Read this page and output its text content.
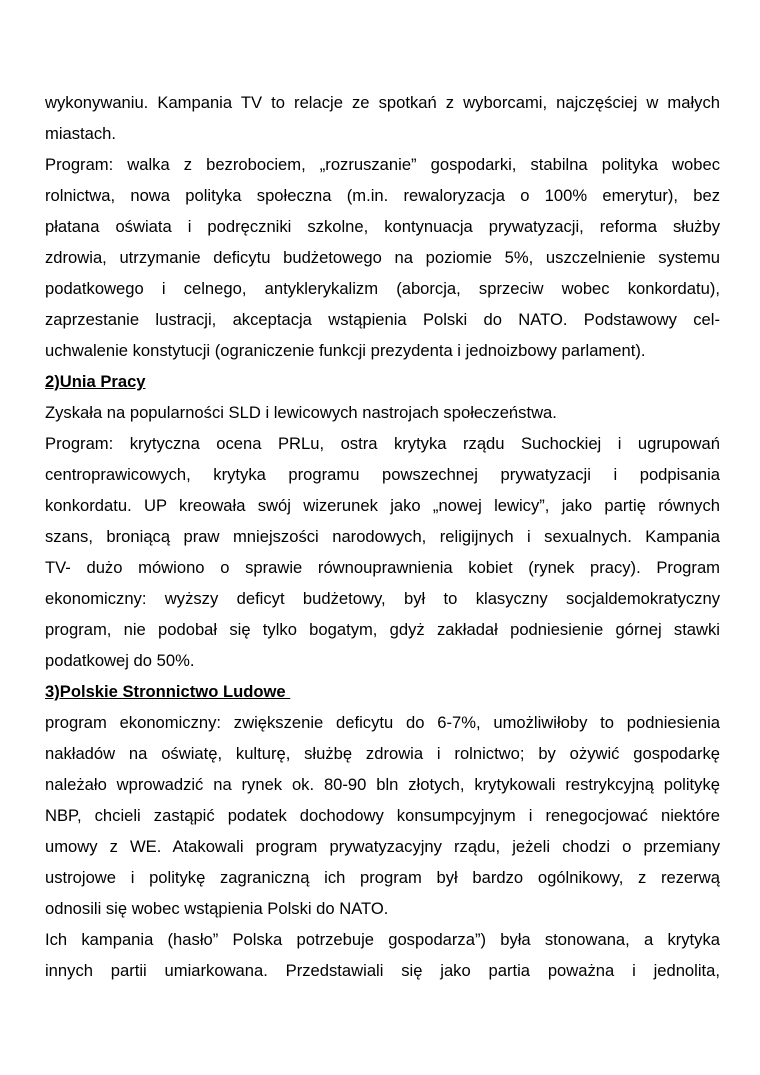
wykonywaniu. Kampania TV to relacje ze spotkań z wyborcami, najczęściej w małych
miastach.
Program: walka z bezrobociem, „rozruszanie” gospodarki, stabilna polityka wobec
rolnictwa, nowa polityka społeczna (m.in. rewaloryzacja o 100% emerytur), bez
płatana oświata i podręczniki szkolne, kontynuacja prywatyzacji, reforma służby
zdrowia, utrzymanie deficytu budżetowego na poziomie 5%, uszczelnienie systemu
podatkowego i celnego, antyklerykalizm (aborcja, sprzeciw wobec konkordatu),
zaprzestanie lustracji, akceptacja wstąpienia Polski do NATO. Podstawowy cel-
uchwalenie konstytucji (ograniczenie funkcji prezydenta i jednoizbowy parlament).
2)Unia Pracy
Zyskała na popularności SLD i lewicowych nastrojach społeczeństwa.
Program: krytyczna ocena PRLu, ostra krytyka rządu Suchockiej i ugrupowań
centroprawicowych, krytyka programu powszechnej prywatyzacji i podpisania
konkordatu. UP kreowała swój wizerunek jako „nowej lewicy”, jako partię równych
szans, broniącą praw mniejszości narodowych, religijnych i sexualnych. Kampania
TV- dużo mówiono o sprawie równouprawnienia kobiet (rynek pracy). Program
ekonomiczny: wyższy deficyt budżetowy, był to klasyczny socjaldemokratyczny
program, nie podobał się tylko bogatym, gdyż zakładał podniesienie górnej stawki
podatkowej do 50%.
3)Polskie Stronnictwo Ludowe
program ekonomiczny: zwiększenie deficytu do 6-7%, umożliwiłoby to podniesienia
nakładów na oświatę, kulturę, służbę zdrowia i rolnictwo; by ożywić gospodarkę
należało wprowadzić na rynek ok. 80-90 bln złotych, krytykowali restrykcyjną politykę
NBP, chcieli zastąpić podatek dochodowy konsumpcyjnym i renegocjować niektóre
umowy z WE. Atakowali program prywatyzacyjny rządu, jeżeli chodzi o przemiany
ustrojowe i politykę zagraniczną ich program był bardzo ogólnikowy, z rezerwą
odnosili się wobec wstąpienia Polski do NATO.
Ich kampania (hasło” Polska potrzebuje gospodarza”) była stonowana, a krytyka
innych partii umiarkowana. Przedstawiali się jako partia poważna i jednolita,
